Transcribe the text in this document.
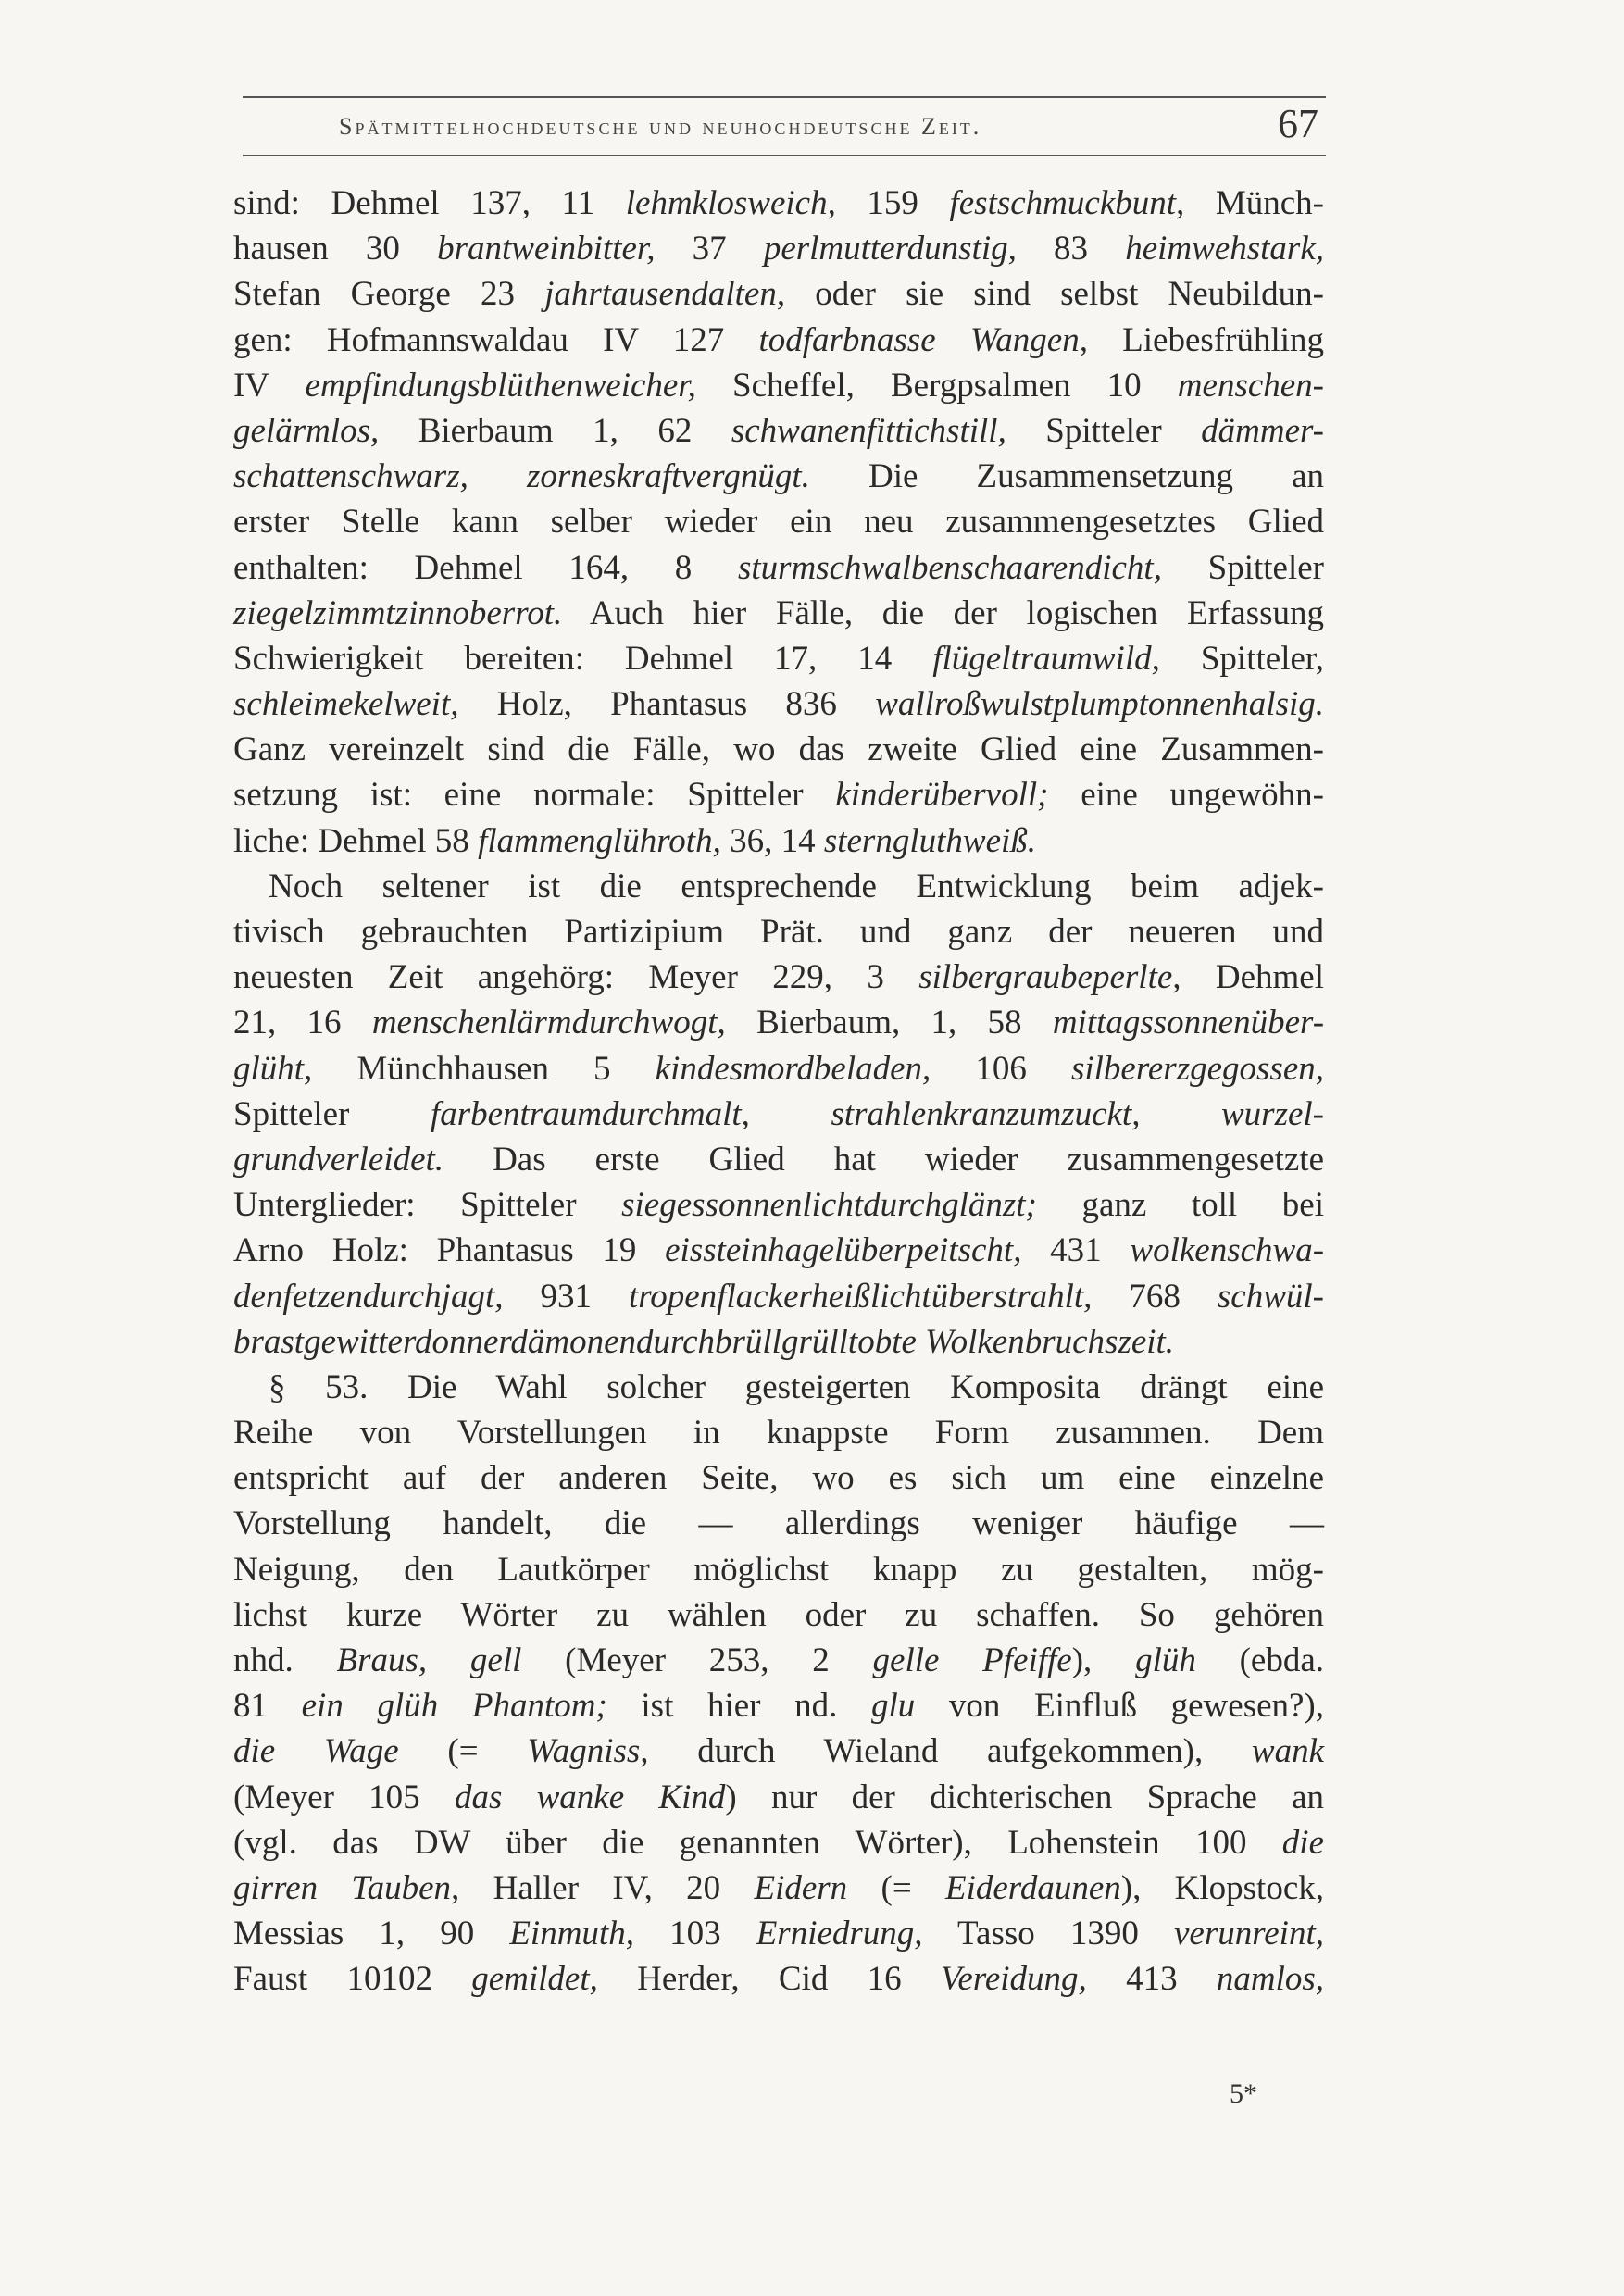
Spätmittelhochdeutsche und neuhochdeutsche Zeit.	67
sind: Dehmel 137, 11 lehmklosweich, 159 festschmuckbunt, Münch-
hausen 30 brantweinbitter, 37 perlmutterdunstig, 83 heimwehstark,
Stefan George 23 jahrtausendalten, oder sie sind selbst Neubildun-
gen: Hofmannswaldau IV 127 todfarbnasse Wangen, Liebesfrühling
IV empfindungsblüthenweicher, Scheffel, Bergpsalmen 10 menschen-
gelärmlos, Bierbaum 1, 62 schwanenfittichstill, Spitteler dämmer-
schattenschwarz, zorneskraftvergnügt. Die Zusammensetzung an
erster Stelle kann selber wieder ein neu zusammengesetztes Glied
enthalten: Dehmel 164, 8 sturmschwalbenschaarendicht, Spitteler
ziegelzimmtzinnoberrot. Auch hier Fälle, die der logischen Erfassung
Schwierigkeit bereiten: Dehmel 17, 14 flügeltraumwild, Spitteler,
schleimekelweit, Holz, Phantasus 836 wallroßwulstplumptonnenhalsig.
Ganz vereinzelt sind die Fälle, wo das zweite Glied eine Zusammen-
setzung ist: eine normale: Spitteler kinderübervoll; eine ungewöhn-
liche: Dehmel 58 flammenglühroth, 36, 14 sterngluthweiß.
Noch seltener ist die entsprechende Entwicklung beim adjek-
tivisch gebrauchten Partizipium Prät. und ganz der neueren und
neuesten Zeit angehörg: Meyer 229, 3 silbergraubeperlte, Dehmel
21, 16 menschenlärmdurchwogt, Bierbaum, 1, 58 mittagssonnenüber-
glüht, Münchhausen 5 kindesmordbeladen, 106 silbererzgegossen,
Spitteler farbentraumdurchmalt, strahlenkranzumzuckt, wurzel-
grundverleidet. Das erste Glied hat wieder zusammengesetzte
Unterglieder: Spitteler siegessonnenlichtdurchglänzt; ganz toll bei
Arno Holz: Phantasus 19 eissteinhagelüberpeitscht, 431 wolkenschwa-
denfetzendurchjagt, 931 tropenflackerheißlichtüberstrahlt, 768 schwül-
brastgewitterdonnerdämonendurchbrüllgrülltobte Wolkenbruchszeit.
§ 53. Die Wahl solcher gesteigerten Komposita drängt eine
Reihe von Vorstellungen in knappste Form zusammen. Dem
entspricht auf der anderen Seite, wo es sich um eine einzelne
Vorstellung handelt, die — allerdings weniger häufige —
Neigung, den Lautkörper möglichst knapp zu gestalten, mög-
lichst kurze Wörter zu wählen oder zu schaffen. So gehören
nhd. Braus, gell (Meyer 253, 2 gelle Pfeiffe), glüh (ebda.
81 ein glüh Phantom; ist hier nd. glu von Einfluß gewesen?),
die Wage (= Wagniss, durch Wieland aufgekommen), wank
(Meyer 105 das wanke Kind) nur der dichterischen Sprache an
(vgl. das DW über die genannten Wörter), Lohenstein 100 die
girren Tauben, Haller IV, 20 Eidern (= Eiderdaunen), Klopstock,
Messias 1, 90 Einmuth, 103 Erniedrung, Tasso 1390 verunreint,
Faust 10102 gemildet, Herder, Cid 16 Vereidung, 413 namlos,
5*
